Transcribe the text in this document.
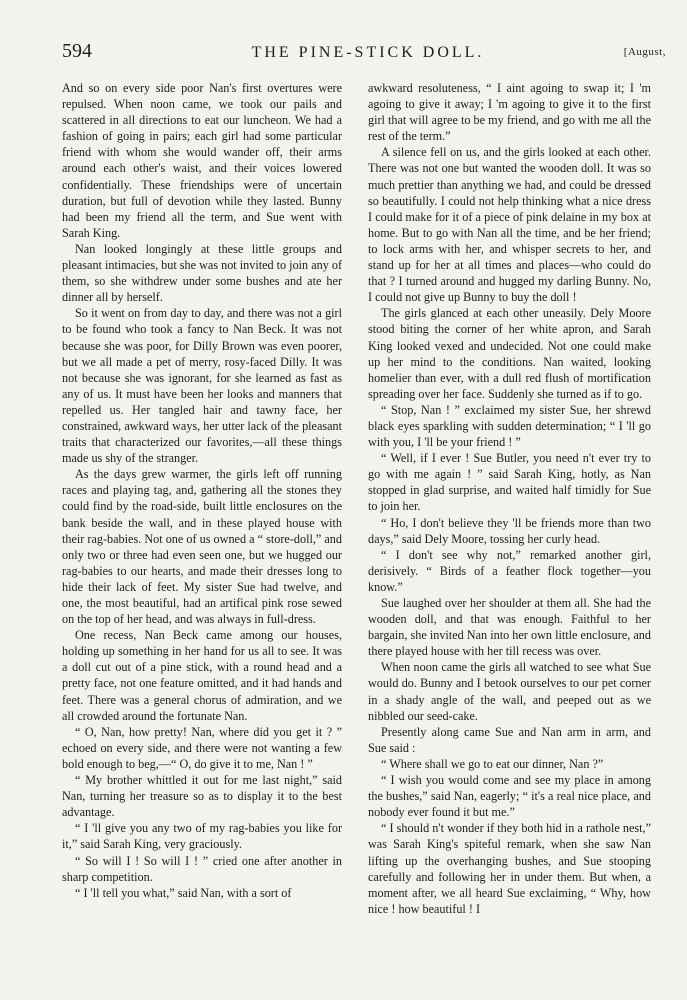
594	THE PINE-STICK DOLL.	[August,

And so on every side poor Nan's first overtures were repulsed. When noon came, we took our pails and scattered in all directions to eat our luncheon. We had a fashion of going in pairs; each girl had some particular friend with whom she would wander off, their arms around each other's waist, and their voices lowered confidentially. These friendships were of uncertain duration, but full of devotion while they lasted. Bunny had been my friend all the term, and Sue went with Sarah King.

Nan looked longingly at these little groups and pleasant intimacies, but she was not invited to join any of them, so she withdrew under some bushes and ate her dinner all by herself.

So it went on from day to day, and there was not a girl to be found who took a fancy to Nan Beck. It was not because she was poor, for Dilly Brown was even poorer, but we all made a pet of merry, rosy-faced Dilly. It was not because she was ignorant, for she learned as fast as any of us. It must have been her looks and manners that repelled us. Her tangled hair and tawny face, her constrained, awkward ways, her utter lack of the pleasant traits that characterized our favorites,—all these things made us shy of the stranger.

As the days grew warmer, the girls left off running races and playing tag, and, gathering all the stones they could find by the road-side, built little enclosures on the bank beside the wall, and in these played house with their rag-babies. Not one of us owned a “ store-doll,” and only two or three had even seen one, but we hugged our rag-babies to our hearts, and made their dresses long to hide their lack of feet. My sister Sue had twelve, and one, the most beautiful, had an artifical pink rose sewed on the top of her head, and was always in full-dress.

One recess, Nan Beck came among our houses, holding up something in her hand for us all to see. It was a doll cut out of a pine stick, with a round head and a pretty face, not one feature omitted, and it had hands and feet. There was a general chorus of admiration, and we all crowded around the fortunate Nan.

“ O, Nan, how pretty! Nan, where did you get it ? ” echoed on every side, and there were not wanting a few bold enough to beg,—“ O, do give it to me, Nan ! ”

“ My brother whittled it out for me last night,” said Nan, turning her treasure so as to display it to the best advantage.

“ I 'll give you any two of my rag-babies you like for it,” said Sarah King, very graciously.

“ So will I ! So will I ! ” cried one after another in sharp competition.

“ I 'll tell you what,” said Nan, with a sort of

awkward resoluteness, “ I aint agoing to swap it; I 'm agoing to give it away; I 'm agoing to give it to the first girl that will agree to be my friend, and go with me all the rest of the term.”

A silence fell on us, and the girls looked at each other. There was not one but wanted the wooden doll. It was so much prettier than anything we had, and could be dressed so beautifully. I could not help thinking what a nice dress I could make for it of a piece of pink delaine in my box at home. But to go with Nan all the time, and be her friend; to lock arms with her, and whisper secrets to her, and stand up for her at all times and places—who could do that ? I turned around and hugged my darling Bunny. No, I could not give up Bunny to buy the doll !

The girls glanced at each other uneasily. Dely Moore stood biting the corner of her white apron, and Sarah King looked vexed and undecided. Not one could make up her mind to the conditions. Nan waited, looking homelier than ever, with a dull red flush of mortification spreading over her face. Suddenly she turned as if to go.

“ Stop, Nan ! ” exclaimed my sister Sue, her shrewd black eyes sparkling with sudden determination; “ I 'll go with you, I 'll be your friend ! ”

“ Well, if I ever ! Sue Butler, you need n't ever try to go with me again ! ” said Sarah King, hotly, as Nan stopped in glad surprise, and waited half timidly for Sue to join her.

“ Ho, I don't believe they 'll be friends more than two days,” said Dely Moore, tossing her curly head.

“ I don't see why not,” remarked another girl, derisively. “ Birds of a feather flock together—you know.”

Sue laughed over her shoulder at them all. She had the wooden doll, and that was enough. Faithful to her bargain, she invited Nan into her own little enclosure, and there played house with her till recess was over.

When noon came the girls all watched to see what Sue would do. Bunny and I betook ourselves to our pet corner in a shady angle of the wall, and peeped out as we nibbled our seed-cake.

Presently along came Sue and Nan arm in arm, and Sue said :

“ Where shall we go to eat our dinner, Nan ?”

“ I wish you would come and see my place in among the bushes,” said Nan, eagerly; “ it's a real nice place, and nobody ever found it but me.”

“ I should n't wonder if they both hid in a rathole nest,” was Sarah King's spiteful remark, when she saw Nan lifting up the overhanging bushes, and Sue stooping carefully and following her in under them. But when, a moment after, we all heard Sue exclaiming, “ Why, how nice ! how beautiful ! I
